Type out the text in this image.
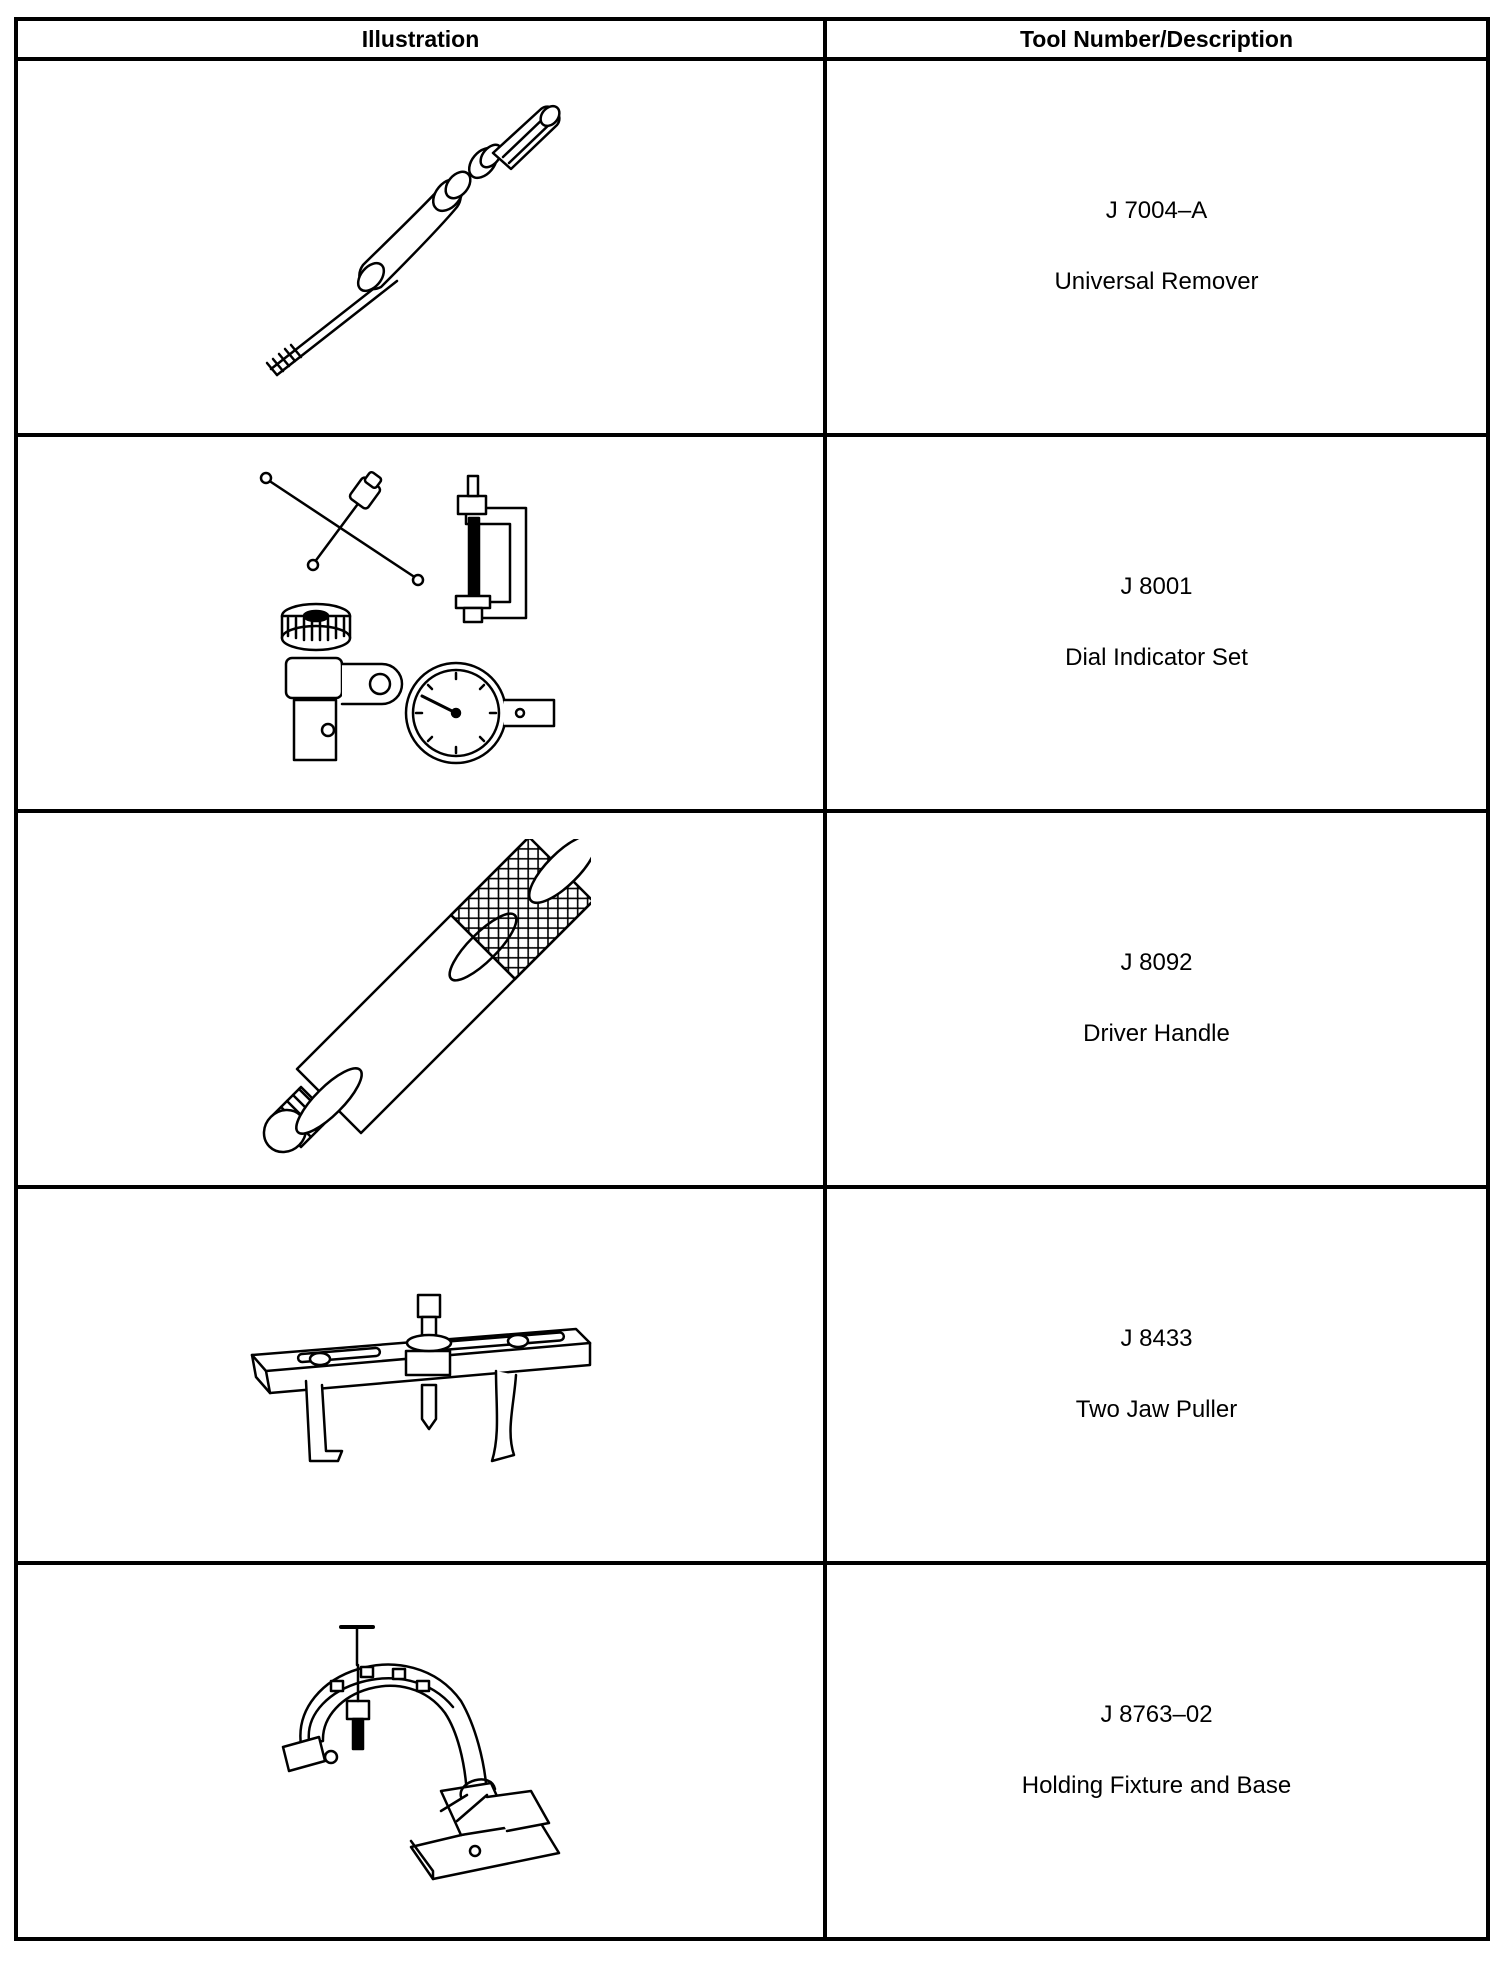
Illustration	Tool Number/Description

J 7004–A
Universal Remover

J 8001
Dial Indicator Set

J 8092
Driver Handle

J 8433
Two Jaw Puller

J 8763–02
Holding Fixture and Base
